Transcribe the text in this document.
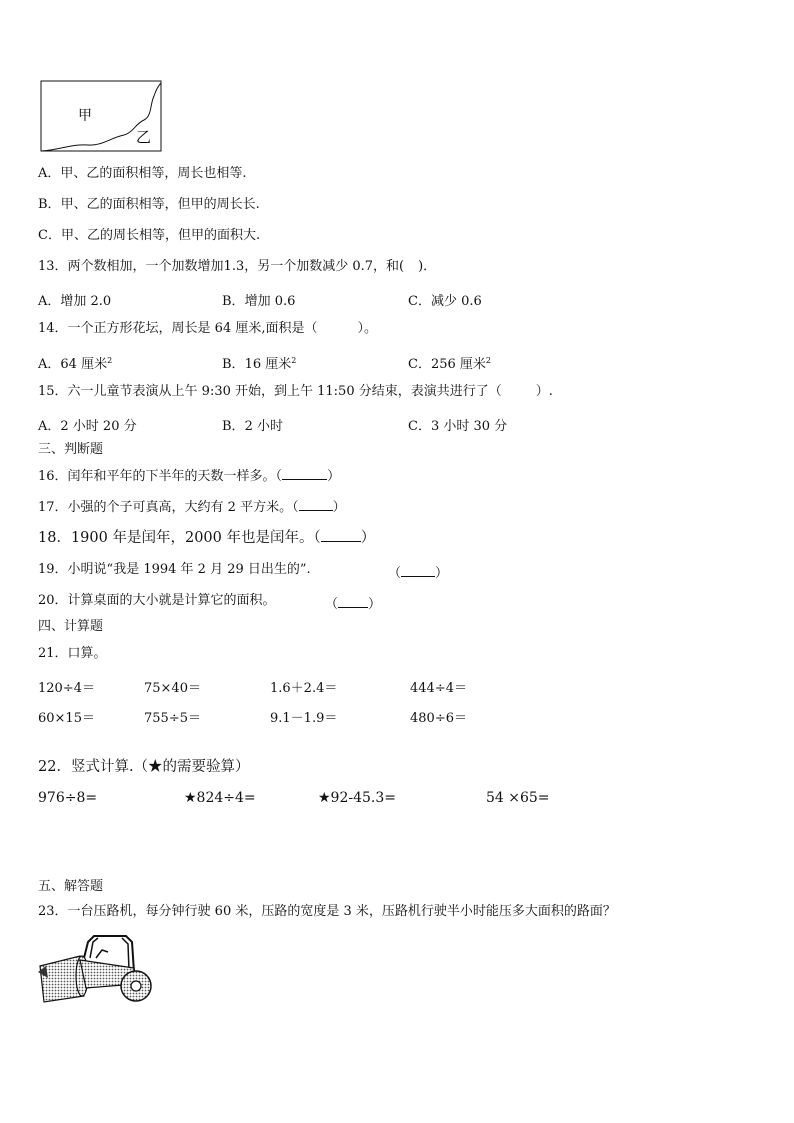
甲
乙
A．甲、乙的面积相等，周长也相等.
B．甲、乙的面积相等，但甲的周长长.
C．甲、乙的周长相等，但甲的面积大.
13．两个数相加，一个加数增加1.3，另一个加数减少 0.7，和( )．
A．增加 2.0	B．增加 0.6	C．减少 0.6
14．一个正方形花坛，周长是 64 厘米,面积是（	）。
A．64 厘米$^2$	B．16 厘米$^2$	C．256 厘米$^2$
15．六一儿童节表演从上午 9:30 开始，到上午 11:50 分结束，表演共进行了（	）.
A．2 小时 20 分	B．2 小时	C．3 小时 30 分
三、判断题
16．闰年和平年的下半年的天数一样多。（	）
17．小强的个子可真高，大约有 2 平方米。（	）
18．1900 年是闰年，2000 年也是闰年。（	）
19．小明说“我是 1994 年 2 月 29 日出生的”.	（	）
20．计算桌面的大小就是计算它的面积。	（ ）
四、计算题
21．口算。
120÷4＝	75×40＝	1.6＋2.4＝	444÷4＝
60×15＝	755÷5＝	9.1－1.9＝	480÷6＝
22．竖式计算.（★的需要验算）
976÷8=	★824÷4=	★92-45.3=	54 ×65=
五、解答题
23．一台压路机，每分钟行驶 60 米，压路的宽度是 3 米，压路机行驶半小时能压多大面积的路面？
